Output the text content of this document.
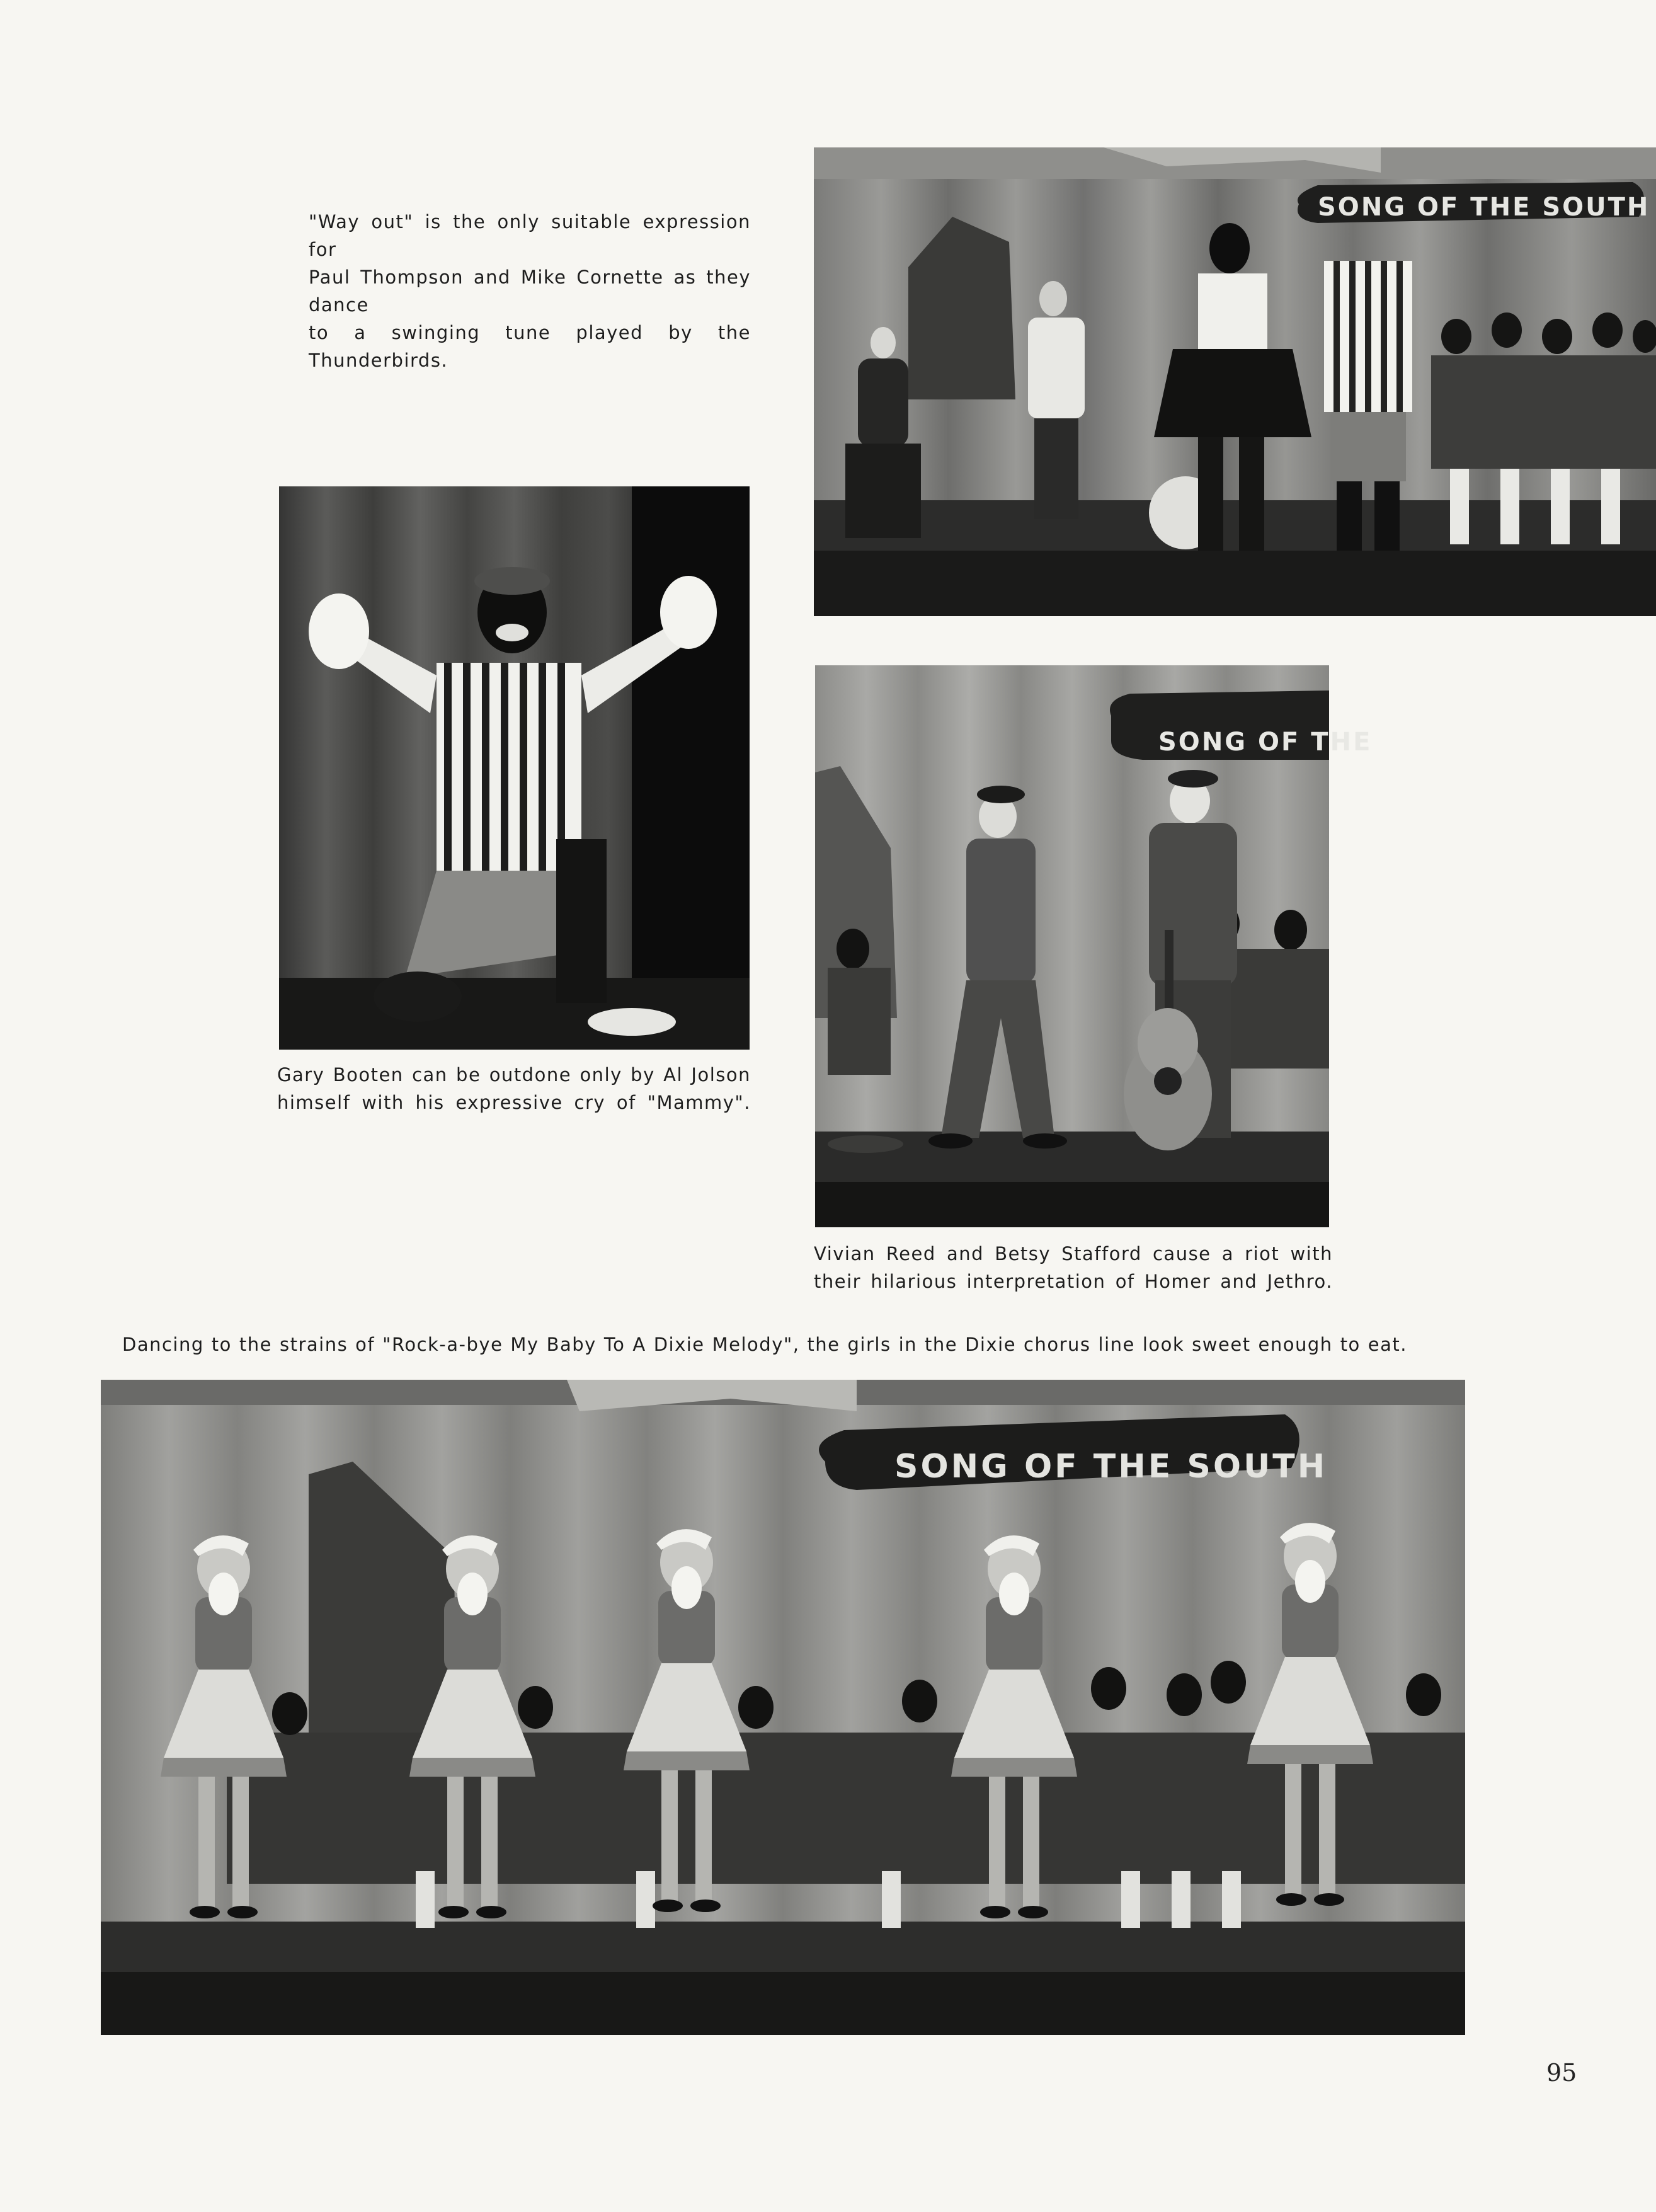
"Way out" is the only suitable expression for
Paul Thompson and Mike Cornette as they dance
to a swinging tune played by the Thunderbirds.
SONG OF THE SOUTH
Gary Booten can be outdone only by Al Jolson
himself with his expressive cry of "Mammy".
SONG OF THE
Vivian Reed and Betsy Stafford cause a riot with
their hilarious interpretation of Homer and Jethro.
Dancing to the strains of "Rock-a-bye My Baby To A Dixie Melody", the girls in the Dixie chorus line look sweet enough to eat.
SONG OF THE SOUTH
95
